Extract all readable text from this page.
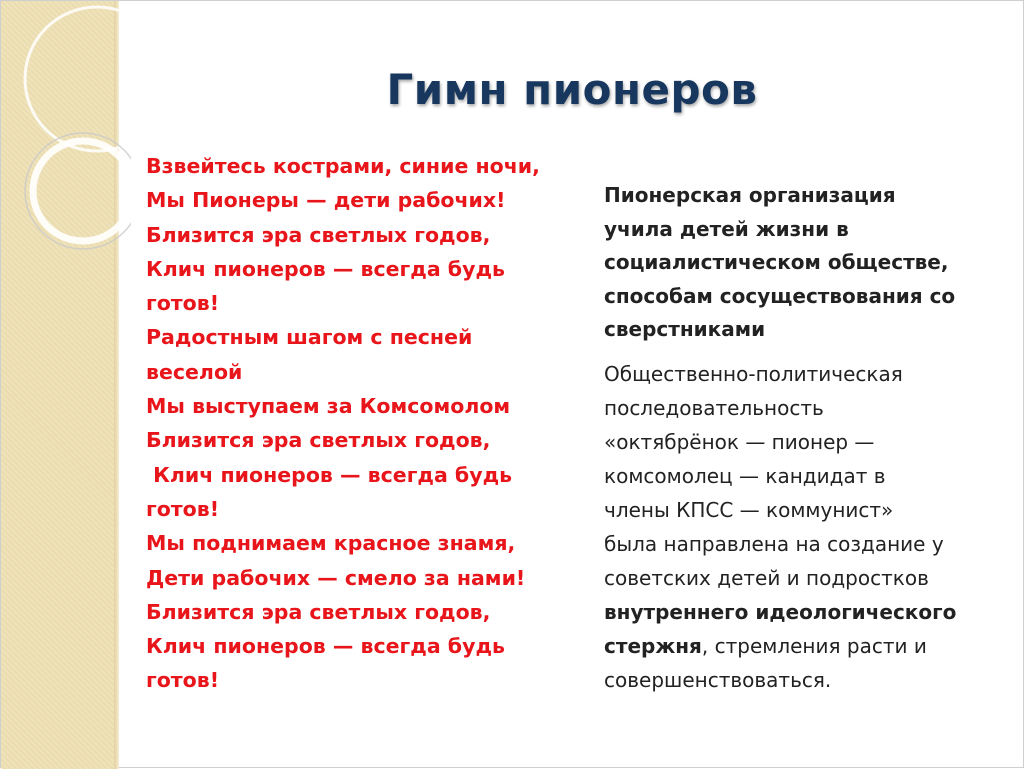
Гимн пионеров
Взвейтесь кострами, синие ночи,
Мы Пионеры — дети рабочих!
Близится эра светлых годов,
Клич пионеров — всегда будь
готов!
Радостным шагом с песней
веселой
Мы выступаем за Комсомолом
Близится эра светлых годов,
Клич пионеров — всегда будь
готов!
Мы поднимаем красное знамя,
Дети рабочих — смело за нами!
Близится эра светлых годов,
Клич пионеров — всегда будь
готов!
Пионерская организация
учила детей жизни в
социалистическом обществе,
способам сосуществования со
сверстниками
Общественно-политическая
последовательность
«октябрёнок — пионер —
комсомолец — кандидат в
члены КПСС — коммунист»
была направлена на создание у
советских детей и подростков
внутреннего идеологического
стержня, стремления расти и
совершенствоваться.
